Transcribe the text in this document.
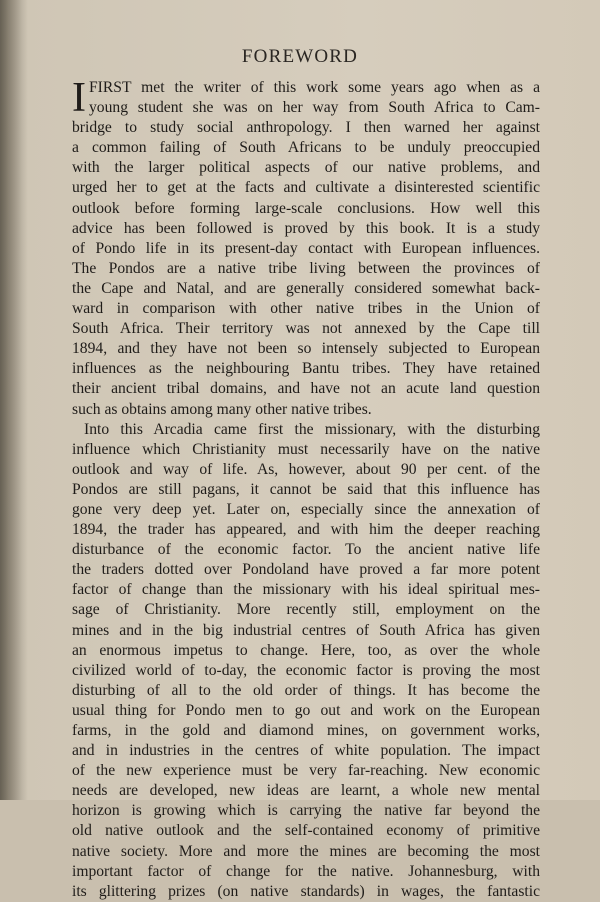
FOREWORD
I FIRST met the writer of this work some years ago when as a
young student she was on her way from South Africa to Cam-
bridge to study social anthropology. I then warned her against
a common failing of South Africans to be unduly preoccupied
with the larger political aspects of our native problems, and
urged her to get at the facts and cultivate a disinterested scientific
outlook before forming large-scale conclusions. How well this
advice has been followed is proved by this book. It is a study
of Pondo life in its present-day contact with European influences.
The Pondos are a native tribe living between the provinces of
the Cape and Natal, and are generally considered somewhat back-
ward in comparison with other native tribes in the Union of
South Africa. Their territory was not annexed by the Cape till
1894, and they have not been so intensely subjected to European
influences as the neighbouring Bantu tribes. They have retained
their ancient tribal domains, and have not an acute land question
such as obtains among many other native tribes.
Into this Arcadia came first the missionary, with the disturbing
influence which Christianity must necessarily have on the native
outlook and way of life. As, however, about 90 per cent. of the
Pondos are still pagans, it cannot be said that this influence has
gone very deep yet. Later on, especially since the annexation of
1894, the trader has appeared, and with him the deeper reaching
disturbance of the economic factor. To the ancient native life
the traders dotted over Pondoland have proved a far more potent
factor of change than the missionary with his ideal spiritual mes-
sage of Christianity. More recently still, employment on the
mines and in the big industrial centres of South Africa has given
an enormous impetus to change. Here, too, as over the whole
civilized world of to-day, the economic factor is proving the most
disturbing of all to the old order of things. It has become the
usual thing for Pondo men to go out and work on the European
farms, in the gold and diamond mines, on government works,
and in industries in the centres of white population. The impact
of the new experience must be very far-reaching. New economic
needs are developed, new ideas are learnt, a whole new mental
horizon is growing which is carrying the native far beyond the
old native outlook and the self-contained economy of primitive
native society. More and more the mines are becoming the most
important factor of change for the native. Johannesburg, with
its glittering prizes (on native standards) in wages, the fantastic
